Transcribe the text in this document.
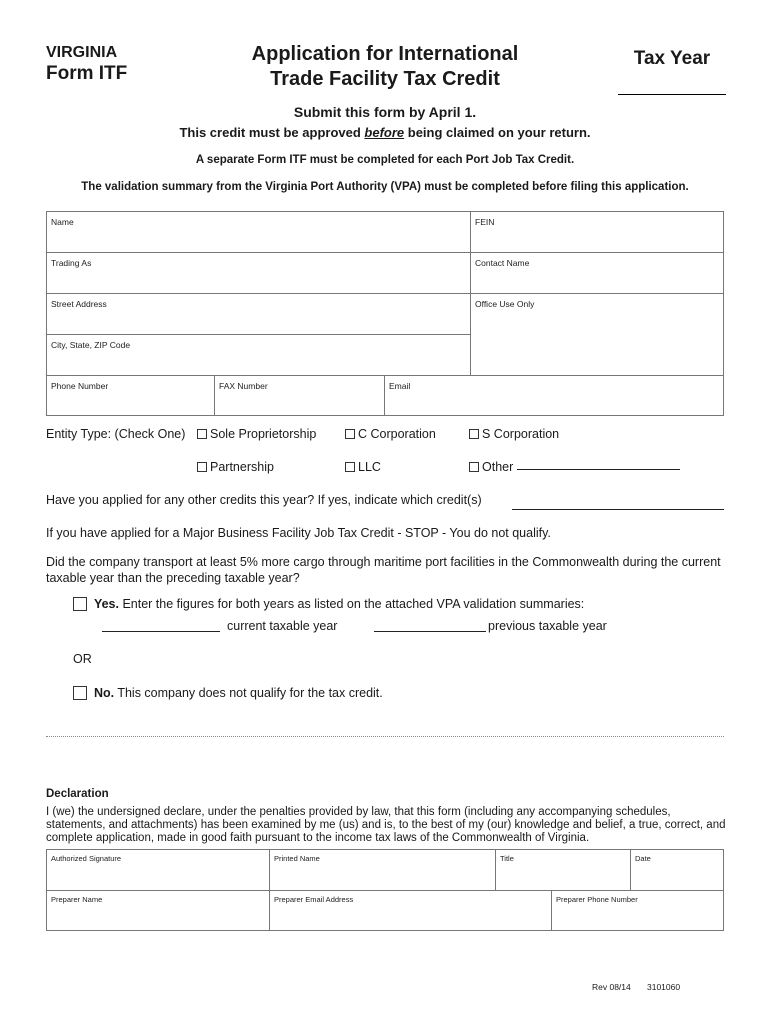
VIRGINIA
Form ITF
Application for International
Trade Facility Tax Credit
Tax Year
Submit this form by April 1.
This credit must be approved before being claimed on your return.
A separate Form ITF must be completed for each Port Job Tax Credit.
The validation summary from the Virginia Port Authority (VPA) must be completed before filing this application.
Name	FEIN
Trading As	Contact Name
Street Address	Office Use Only
City, State, ZIP Code
Phone Number	FAX Number	Email
Entity Type: (Check One)	Sole Proprietorship	C Corporation	S Corporation
Partnership	LLC	Other
Have you applied for any other credits this year? If yes, indicate which credit(s)
If you have applied for a Major Business Facility Job Tax Credit - STOP - You do not qualify.
Did the company transport at least 5% more cargo through maritime port facilities in the Commonwealth during the current
taxable year than the preceding taxable year?
Yes. Enter the figures for both years as listed on the attached VPA validation summaries:
current taxable year	previous taxable year
OR
No. This company does not qualify for the tax credit.
Declaration
I (we) the undersigned declare, under the penalties provided by law, that this form (including any accompanying schedules, statements, and attachments) has been examined by me (us) and is, to the best of my (our) knowledge and belief, a true, correct, and complete application, made in good faith pursuant to the income tax laws of the Commonwealth of Virginia.
Authorized Signature	Printed Name	Title	Date
Preparer Name	Preparer Email Address	Preparer Phone Number
Rev 08/14 3101060
